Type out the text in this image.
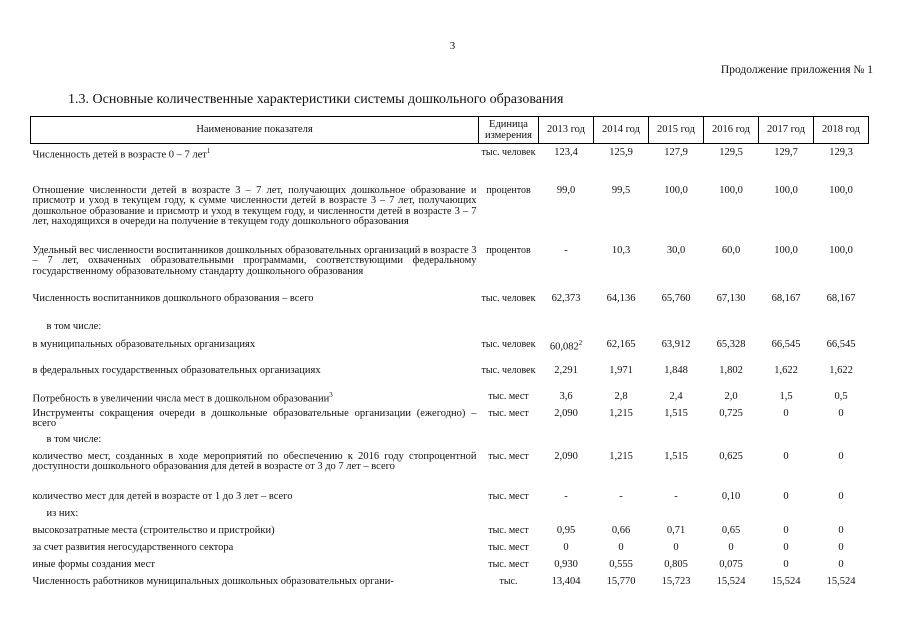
3
Продолжение приложения № 1
1.3. Основные количественные характеристики системы дошкольного образования
Наименование показателя	Единица измерения	2013 год	2014 год	2015 год	2016 год	2017 год	2018 год
Численность детей в возрасте 0 – 7 лет$^1$	тыс. человек	123,4	125,9	127,9	129,5	129,7	129,3
Отношение численности детей в возрасте 3 – 7 лет, получающих дошкольное образование и присмотр и уход в текущем году, к сумме численности детей в возрасте 3 – 7 лет, получающих дошкольное образование и присмотр и уход в текущем году, и численности детей в возрасте 3 – 7 лет, находящихся в очереди на получение в текущем году дошкольного образования	процентов	99,0	99,5	100,0	100,0	100,0	100,0
Удельный вес численности воспитанников дошкольных образовательных организаций в возрасте 3 – 7 лет, охваченных образовательными программами, соответствующими федеральному государственному образовательному стандарту дошкольного образования	процентов	-	10,3	30,0	60,0	100,0	100,0
Численность воспитанников дошкольного образования – всего	тыс. человек	62,373	64,136	65,760	67,130	68,167	68,167
в том числе:							
в муниципальных образовательных организациях	тыс. человек	60,082$^2$	62,165	63,912	65,328	66,545	66,545
в федеральных государственных образовательных организациях	тыс. человек	2,291	1,971	1,848	1,802	1,622	1,622
Потребность в увеличении числа мест в дошкольном образовании$^3$	тыс. мест	3,6	2,8	2,4	2,0	1,5	0,5
Инструменты сокращения очереди в дошкольные образовательные организации (ежегодно) – всего	тыс. мест	2,090	1,215	1,515	0,725	0	0
в том числе:							
количество мест, созданных в ходе мероприятий по обеспечению к 2016 году стопроцентной доступности дошкольного образования для детей в возрасте от 3 до 7 лет – всего	тыс. мест	2,090	1,215	1,515	0,625	0	0
количество мест для детей в возрасте от 1 до 3 лет – всего	тыс. мест	-	-	-	0,10	0	0
из них:							
высокозатратные места (строительство и пристройки)	тыс. мест	0,95	0,66	0,71	0,65	0	0
за счет развития негосударственного сектора	тыс. мест	0	0	0	0	0	0
иные формы создания мест	тыс. мест	0,930	0,555	0,805	0,075	0	0
Численность работников муниципальных дошкольных образовательных органи-	тыс.	13,404	15,770	15,723	15,524	15,524	15,524
